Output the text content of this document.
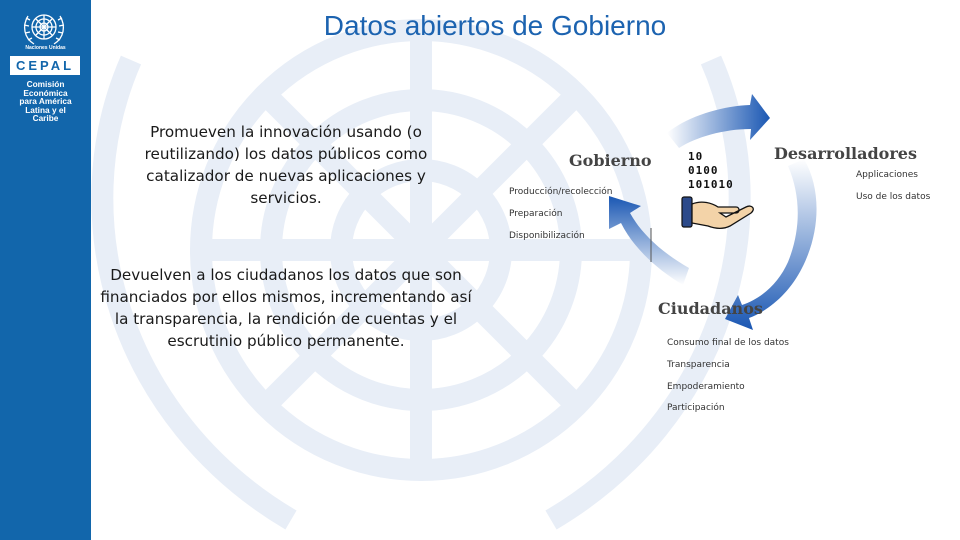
Naciones Unidas
CEPAL
Comisión
Económica
para América
Latina y el
Caribe
Datos abiertos de Gobierno
Promueven la innovación usando (o reutilizando) los datos públicos como catalizador de nuevas aplicaciones y servicios.
Devuelven a los ciudadanos los datos que son financiados por ellos mismos, incrementando así la transparencia, la rendición de cuentas y el escrutinio público permanente.
10
0100
101010
Gobierno	Desarrolladores
Ciudadanos
Producción/recolección
Preparación
Disponibilización
Applicaciones
Uso de los datos
Consumo final de los datos
Transparencia
Empoderamiento
Participación
